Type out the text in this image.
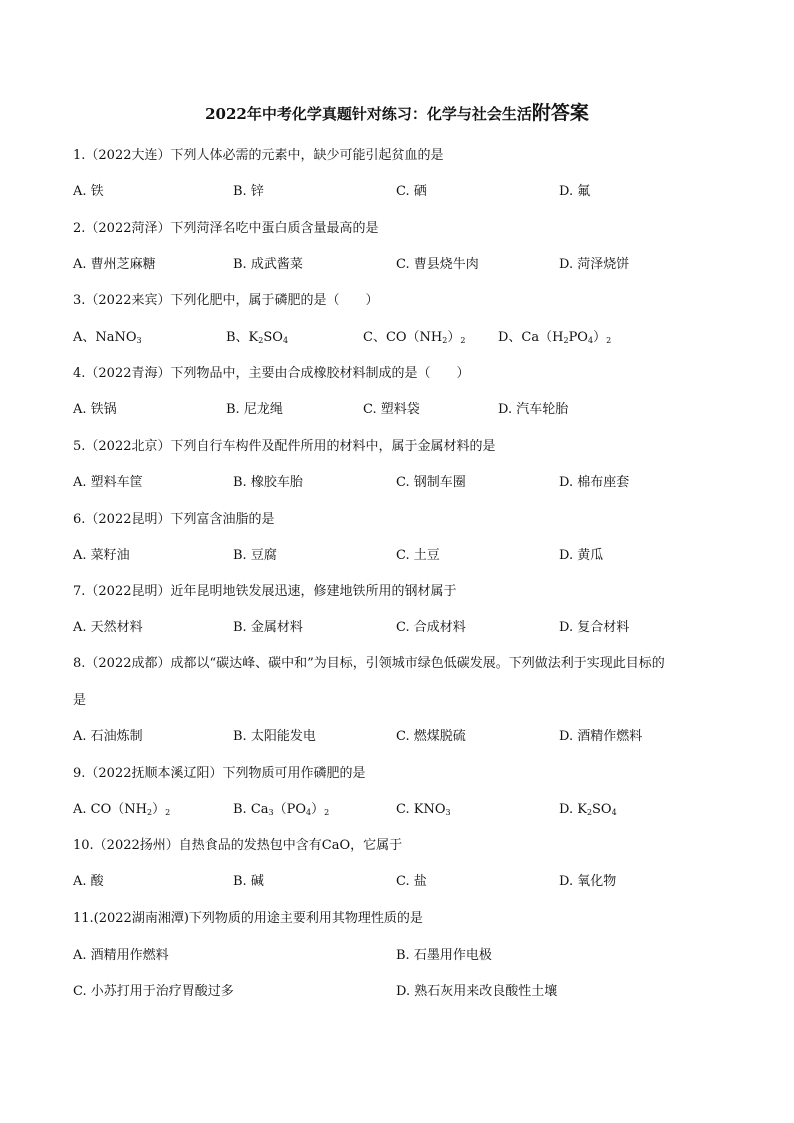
2022年中考化学真题针对练习：化学与社会生活附答案
1.（2022大连）下列人体必需的元素中，缺少可能引起贫血的是
A. 铁	B. 锌	C. 硒	D. 氟
2.（2022菏泽）下列菏泽名吃中蛋白质含量最高的是
A. 曹州芝麻糖	B. 成武酱菜	C. 曹县烧牛肉	D. 菏泽烧饼
3.（2022来宾）下列化肥中，属于磷肥的是（　　）
A、NaNO$_3$	B、$K_2SO_4$	C、$CO(NH_2)_2$	D、$Ca(H_2PO_4)_2$
4.（2022青海）下列物品中，主要由合成橡胶材料制成的是（　　）
A. 铁锅	B. 尼龙绳	C. 塑料袋	D. 汽车轮胎
5.（2022北京）下列自行车构件及配件所用的材料中，属于金属材料的是
A. 塑料车筐	B. 橡胶车胎	C. 钢制车圈	D. 棉布座套
6.（2022昆明）下列富含油脂的是
A. 菜籽油	B. 豆腐	C. 土豆	D. 黄瓜
7.（2022昆明）近年昆明地铁发展迅速，修建地铁所用的钢材属于
A. 天然材料	B. 金属材料	C. 合成材料	D. 复合材料
8.（2022成都）成都以“碳达峰、碳中和”为目标，引领城市绿色低碳发展。下列做法利于实现此目标的
是
A. 石油炼制	B. 太阳能发电	C. 燃煤脱硫	D. 酒精作燃料
9.（2022抚顺本溪辽阳）下列物质可用作磷肥的是
A. $CO(NH_2)_2$	B. $Ca_3(PO_4)_2$	C. $KNO_3$	D. $K_2SO_4$
10.（2022扬州）自热食品的发热包中含有CaO，它属于
A. 酸	B. 碱	C. 盐	D. 氧化物
11.(2022湖南湘潭)下列物质的用途主要利用其物理性质的是
A. 酒精用作燃料	B. 石墨用作电极
C. 小苏打用于治疗胃酸过多	D. 熟石灰用来改良酸性土壤
